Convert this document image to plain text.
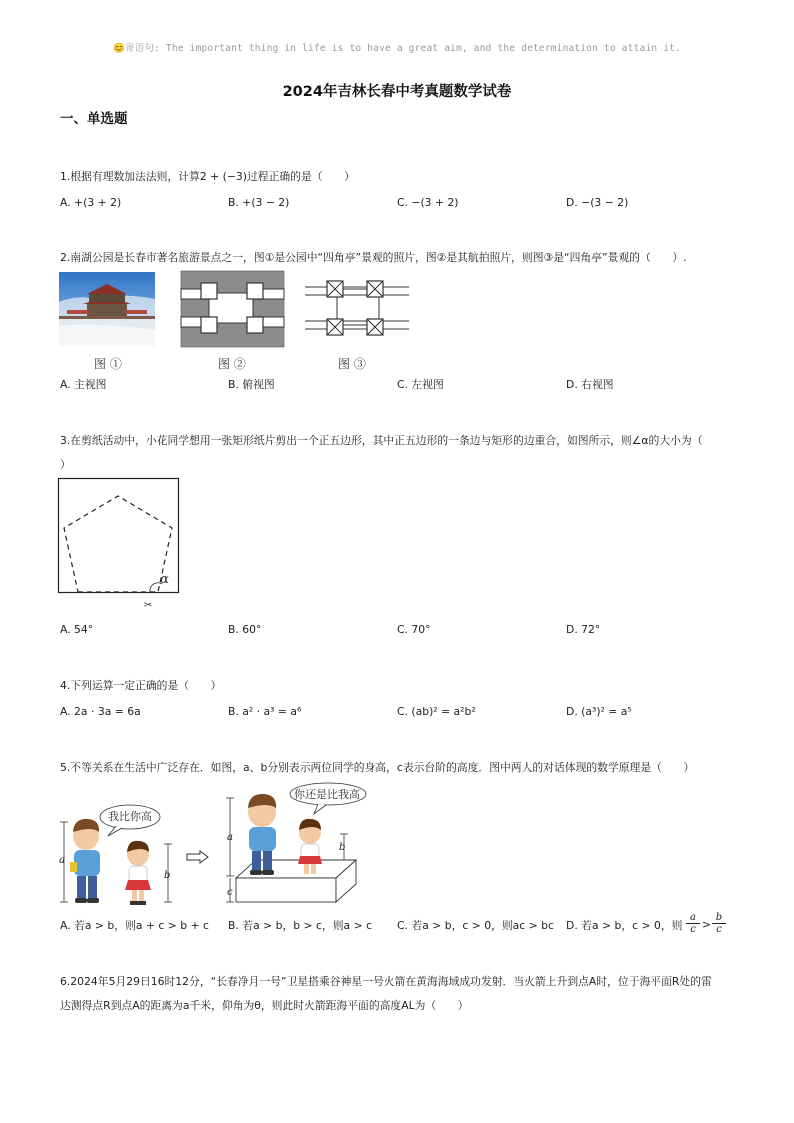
😊寄语句: The important thing in life is to have a great aim, and the determination to attain it.
2024年吉林长春中考真题数学试卷
一、单选题
1.根据有理数加法法则，计算2 + (−3)过程正确的是（　　）
A. +(3 + 2)	B. +(3 − 2)	C. −(3 + 2)	D. −(3 − 2)
2.南湖公园是长春市著名旅游景点之一，图①是公园中“四角亭”景观的照片，图②是其航拍照片，则图③是“四角亭”景观的（　　）.
图 ①	图 ②	图 ③
A. 主视图	B. 俯视图	C. 左视图	D. 右视图
3.在剪纸活动中，小花同学想用一张矩形纸片剪出一个正五边形，其中正五边形的一条边与矩形的边重合，如图所示，则∠α的大小为（
）
✂
α
A. 54°	B. 60°	C. 70°	D. 72°
4.下列运算一定正确的是（　　）
A. 2a · 3a = 6a	B. a² · a³ = a⁶	C. (ab)² = a²b²	D. (a³)² = a⁵
5.不等关系在生活中广泛存在．如图，a、b分别表示两位同学的身高，c表示台阶的高度．图中两人的对话体现的数学原理是（　　）
我比你高
a
b
你还是比我高
a
c
b
A. 若a > b，则a + c > b + c B. 若a > b，b > c，则a > c C. 若a > b，c > 0，则ac > bc D. 若a > b，c > 0，则
a
c >
b
c
6.2024年5月29日16时12分，“长春净月一号”卫星搭乘谷神星一号火箭在黄海海域成功发射．当火箭上升到点A时，位于海平面R处的雷
达测得点R到点A的距离为a千米，仰角为θ，则此时火箭距海平面的高度AL为（　　）
